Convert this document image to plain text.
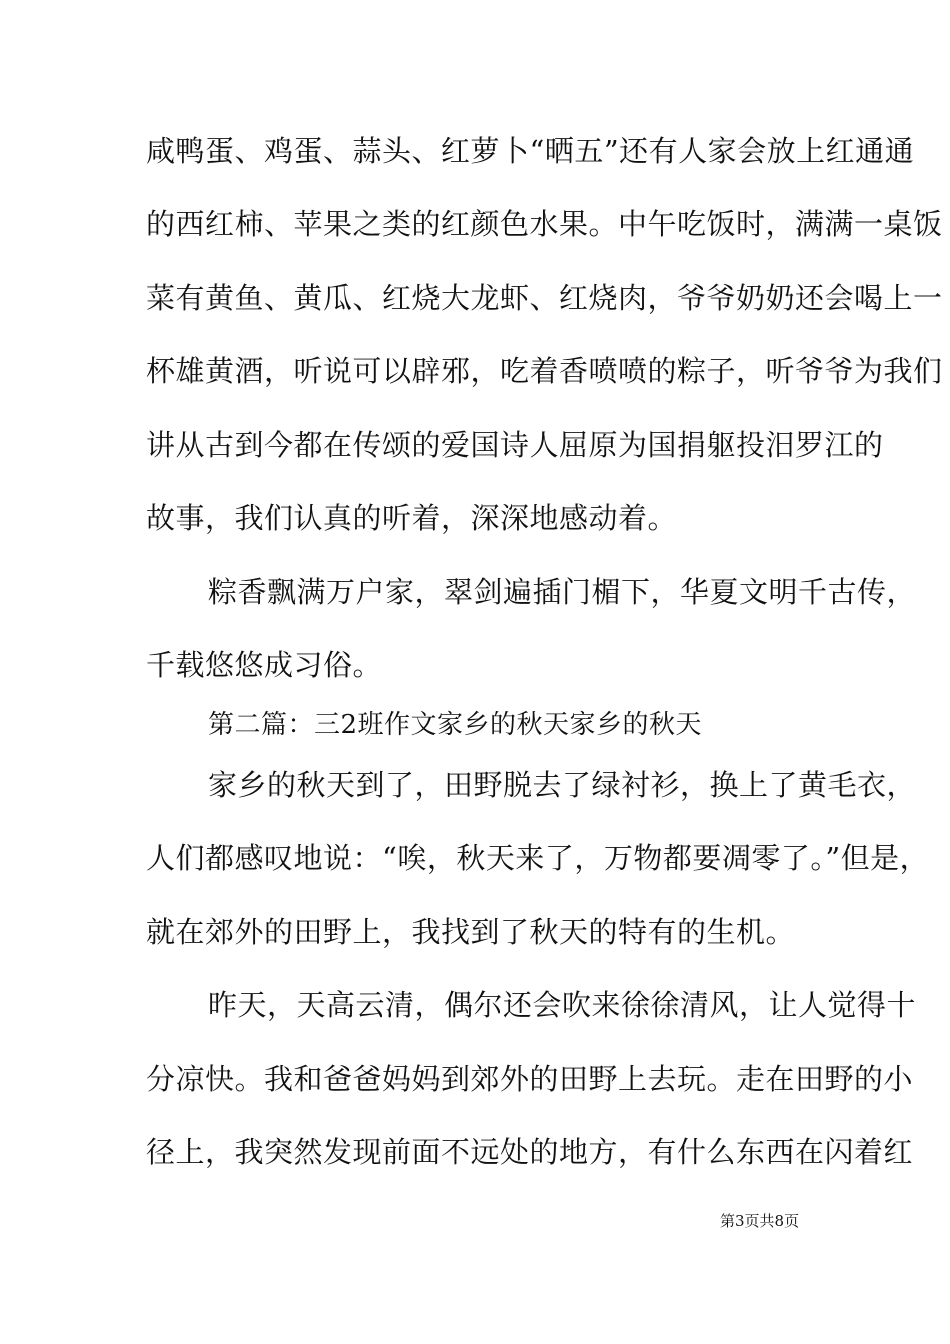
咸鸭蛋、鸡蛋、蒜头、红萝卜“晒五”还有人家会放上红通通
的西红柿、苹果之类的红颜色水果。中午吃饭时，满满一桌饭
菜有黄鱼、黄瓜、红烧大龙虾、红烧肉，爷爷奶奶还会喝上一
杯雄黄酒，听说可以辟邪，吃着香喷喷的粽子，听爷爷为我们
讲从古到今都在传颂的爱国诗人屈原为国捐躯投汨罗江的
故事，我们认真的听着，深深地感动着。
粽香飘满万户家，翠剑遍插门楣下，华夏文明千古传，
千载悠悠成习俗。
第二篇：三2班作文家乡的秋天家乡的秋天
家乡的秋天到了，田野脱去了绿衬衫，换上了黄毛衣，
人们都感叹地说：“唉，秋天来了，万物都要凋零了。”但是，
就在郊外的田野上，我找到了秋天的特有的生机。
昨天，天高云清，偶尔还会吹来徐徐清风，让人觉得十
分凉快。我和爸爸妈妈到郊外的田野上去玩。走在田野的小
径上，我突然发现前面不远处的地方，有什么东西在闪着红
第3页共8页
